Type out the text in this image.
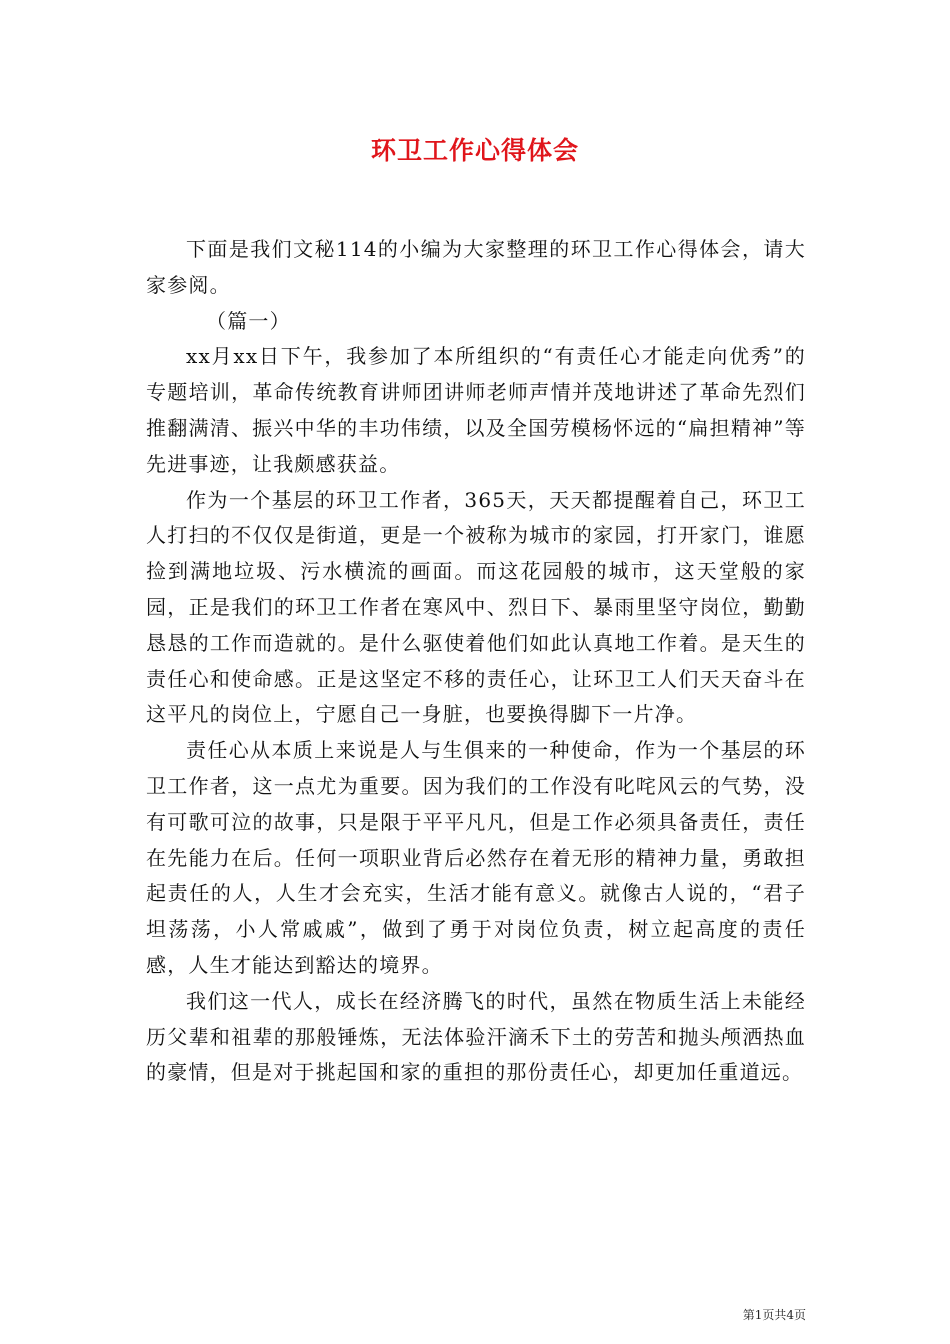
环卫工作心得体会

下面是我们文秘114的小编为大家整理的环卫工作心得体会，请大家参阅。

（篇一）

xx月xx日下午，我参加了本所组织的“有责任心才能走向优秀”的专题培训，革命传统教育讲师团讲师老师声情并茂地讲述了革命先烈们推翻满清、振兴中华的丰功伟绩，以及全国劳模杨怀远的“扁担精神”等先进事迹，让我颇感获益。

作为一个基层的环卫工作者，365天，天天都提醒着自己，环卫工人打扫的不仅仅是街道，更是一个被称为城市的家园，打开家门，谁愿捡到满地垃圾、污水横流的画面。而这花园般的城市，这天堂般的家园，正是我们的环卫工作者在寒风中、烈日下、暴雨里坚守岗位，勤勤恳恳的工作而造就的。是什么驱使着他们如此认真地工作着。是天生的责任心和使命感。正是这坚定不移的责任心，让环卫工人们天天奋斗在这平凡的岗位上，宁愿自己一身脏，也要换得脚下一片净。

责任心从本质上来说是人与生俱来的一种使命，作为一个基层的环卫工作者，这一点尤为重要。因为我们的工作没有叱咤风云的气势，没有可歌可泣的故事，只是限于平平凡凡，但是工作必须具备责任，责任在先能力在后。任何一项职业背后必然存在着无形的精神力量，勇敢担起责任的人，人生才会充实，生活才能有意义。就像古人说的，“君子坦荡荡，小人常戚戚”，做到了勇于对岗位负责，树立起高度的责任感，人生才能达到豁达的境界。

我们这一代人，成长在经济腾飞的时代，虽然在物质生活上未能经历父辈和祖辈的那般锤炼，无法体验汗滴禾下土的劳苦和抛头颅洒热血的豪情，但是对于挑起国和家的重担的那份责任心，却更加任重道远。

第1页共4页
